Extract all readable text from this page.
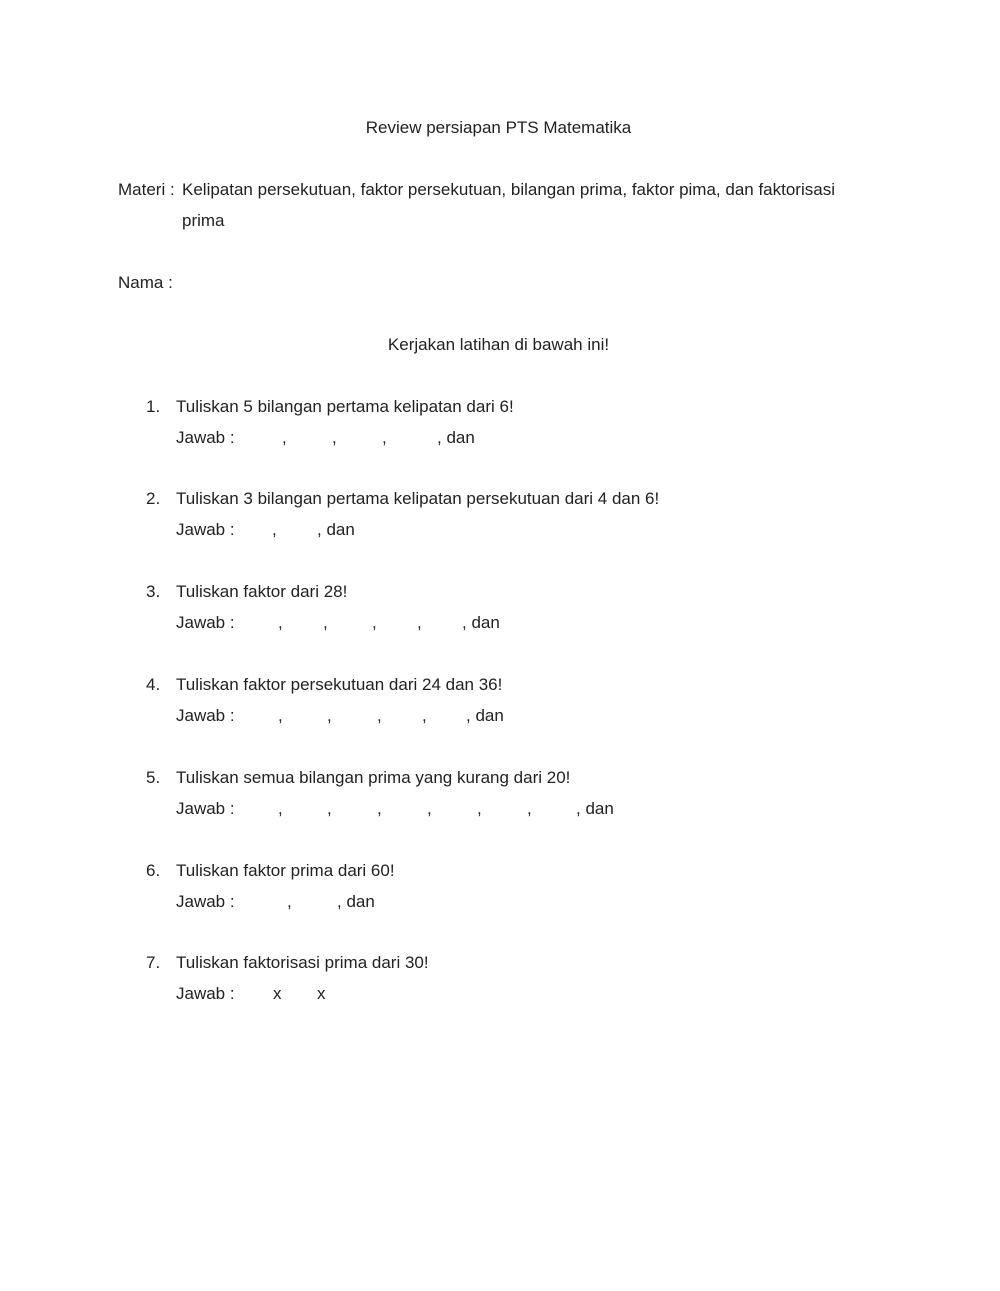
Review persiapan PTS Matematika
Materi : Kelipatan persekutuan, faktor persekutuan, bilangan prima, faktor pima, dan faktorisasi
prima
Nama :
Kerjakan latihan di bawah ini!
1. Tuliskan 5 bilangan pertama kelipatan dari 6!
Jawab :	,	,	,	, dan
2. Tuliskan 3 bilangan pertama kelipatan persekutuan dari 4 dan 6!
Jawab : , , dan
3. Tuliskan faktor dari 28!
Jawab :	, ,	, , , dan
4. Tuliskan faktor persekutuan dari 24 dan 36!
Jawab :	,	,	, , , dan
5. Tuliskan semua bilangan prima yang kurang dari 20!
Jawab :	,	,	,	,	,	,	, dan
6. Tuliskan faktor prima dari 60!
Jawab :	,	, dan
7. Tuliskan faktorisasi prima dari 30!
Jawab : x x
